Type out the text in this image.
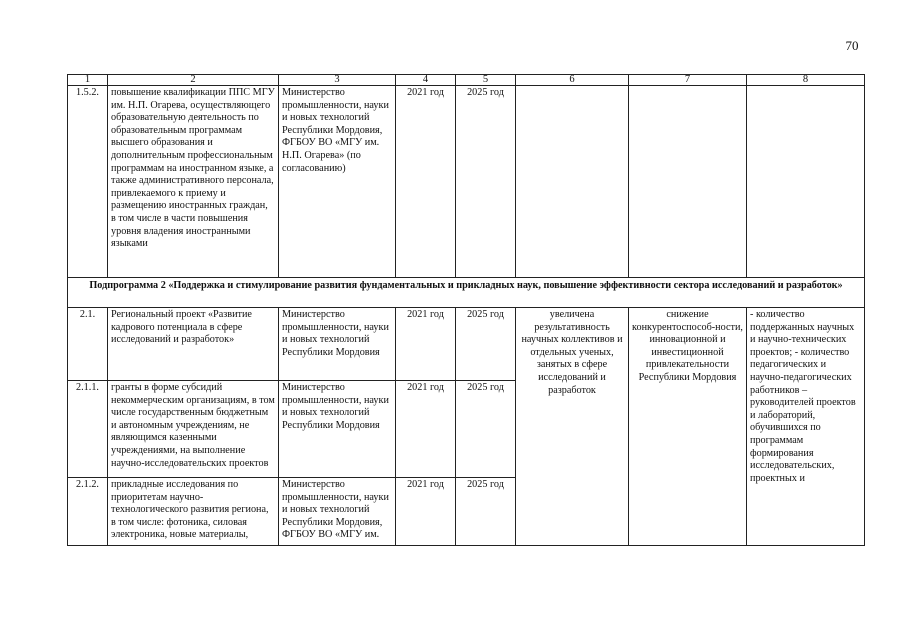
70
1	2	3	4	5	6	7	8
1.5.2.	повышение квалификации ППС МГУ им. Н.П. Огарева, осуществляющего образовательную деятельность по образовательным программам высшего образования и дополнительным профессиональным программам на иностранном языке, а также административного персонала, привлекаемого к приему и размещению иностранных граждан, в том числе в части повышения уровня владения иностранными языками	Министерство промышленности, науки и новых технологий Республики Мордовия, ФГБОУ ВО «МГУ им. Н.П. Огарева» (по согласованию)	2021 год	2025 год			
Подпрограмма 2 «Поддержка и стимулирование развития фундаментальных и прикладных наук, повышение эффективности сектора исследований и разработок»							
2.1.	Региональный проект «Развитие кадрового потенциала в сфере исследований и разработок»	Министерство промышленности, науки и новых технологий Республики Мордовия	2021 год	2025 год	увеличена результативность научных коллективов и отдельных ученых, занятых в сфере исследований и разработок	снижение конкурентоспособ-ности, инновационной и инвестиционной привлекательности Республики Мордовия	- количество поддержанных научных и научно-технических проектов; - количество педагогических и научно-педагогических работников – руководителей проектов и лабораторий, обучившихся по программам формирования исследовательских, проектных и
2.1.1.	гранты в форме субсидий некоммерческим организациям, в том числе государственным бюджетным и автономным учреждениям, не являющимся казенными учреждениями, на выполнение научно-исследовательских проектов	Министерство промышленности, науки и новых технологий Республики Мордовия	2021 год	2025 год			
2.1.2.	прикладные исследования по приоритетам научно-технологического развития региона, в том числе: фотоника, силовая электроника, новые материалы,	Министерство промышленности, науки и новых технологий Республики Мордовия, ФГБОУ ВО «МГУ им.	2021 год	2025 год			
